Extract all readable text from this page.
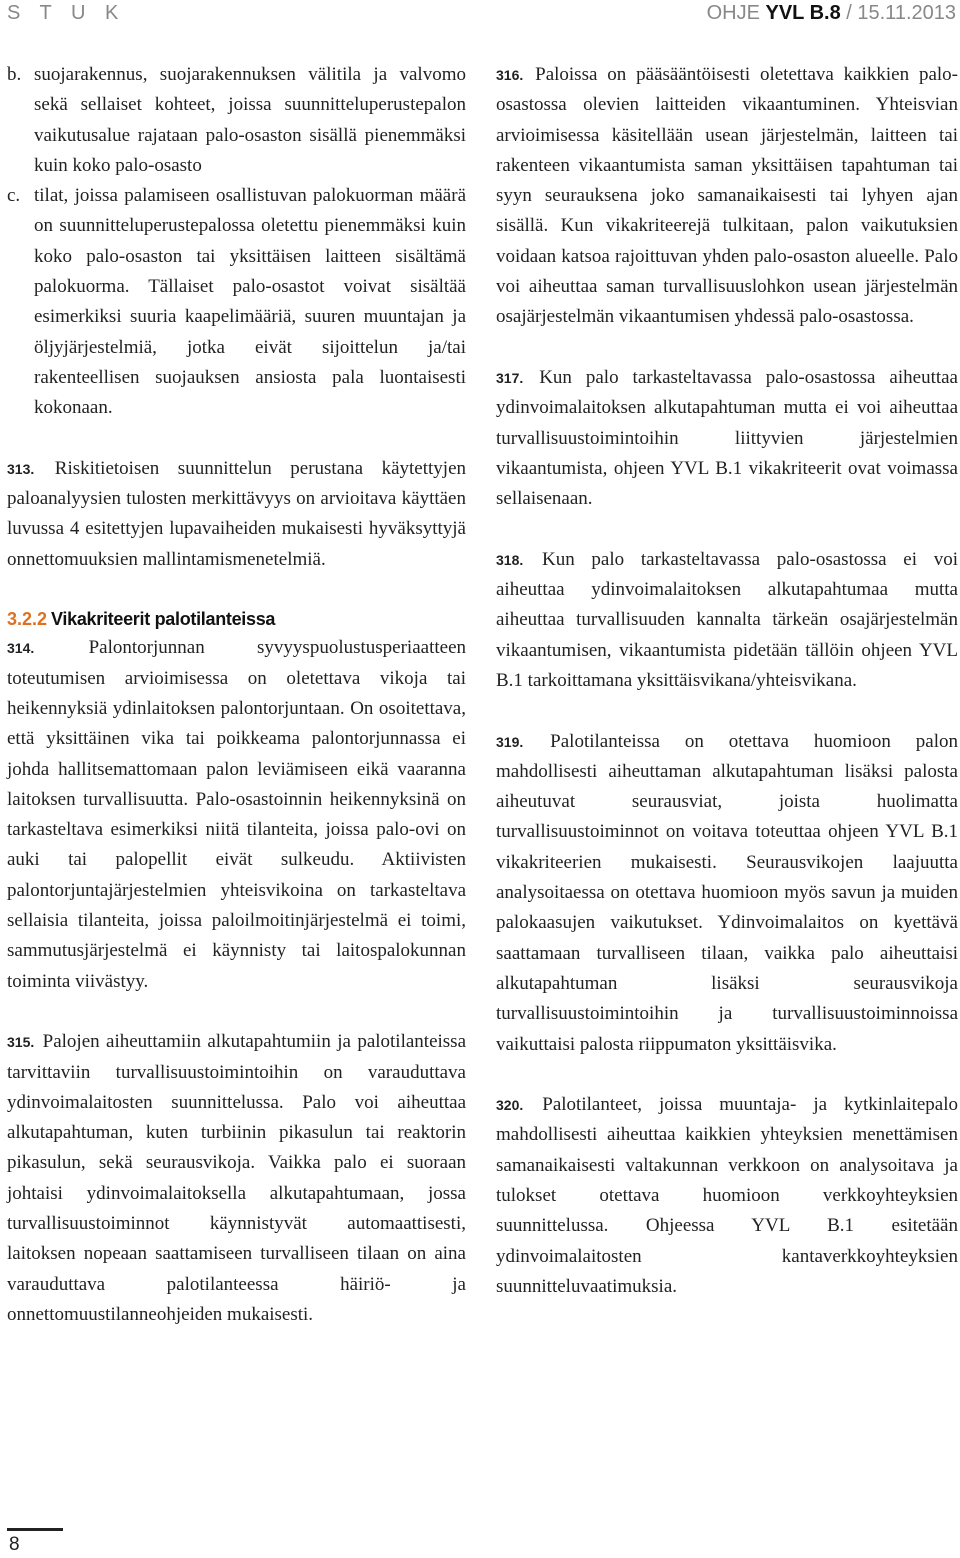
S T U K	OHJE YVL B.8 / 15.11.2013

b. suojarakennus, suojarakennuksen välitila ja valvomo sekä sellaiset kohteet, joissa suunnitteluperustepalon vaikutusalue rajataan palo-osaston sisällä pienemmäksi kuin koko palo-osasto

c. tilat, joissa palamiseen osallistuvan palokuorman määrä on suunnitteluperustepalossa oletettu pienemmäksi kuin koko palo-osaston tai yksittäisen laitteen sisältämä palokuorma. Tällaiset palo-osastot voivat sisältää esimerkiksi suuria kaapelimääriä, suuren muuntajan ja öljyjärjestelmiä, jotka eivät sijoittelun ja/tai rakenteellisen suojauksen ansiosta pala luontaisesti kokonaan.

313. Riskitietoisen suunnittelun perustana käytettyjen paloanalyysien tulosten merkittävyys on arvioitava käyttäen luvussa 4 esitettyjen lupavaiheiden mukaisesti hyväksyttyjä onnettomuuksien mallintamismenetelmiä.

3.2.2 Vikakriteerit palotilanteissa

314.	Palontorjunnan syvyyspuolustusperiaatteen toteutumisen arvioimisessa on oletettava vikoja tai heikennyksiä ydinlaitoksen palontorjuntaan. On osoitettava, että yksittäinen vika tai poikkeama palontorjunnassa ei johda hallitsemattomaan palon leviämiseen eikä vaaranna laitoksen turvallisuutta. Palo-osastoinnin heikennyksinä on tarkasteltava esimerkiksi niitä tilanteita, joissa palo-ovi on auki tai palopellit eivät sulkeudu. Aktiivisten palontorjuntajärjestelmien yhteisvikoina on tarkasteltava sellaisia tilanteita, joissa paloilmoitinjärjestelmä ei toimi, sammutusjärjestelmä ei käynnisty tai laitospalokunnan toiminta viivästyy.

315. Palojen aiheuttamiin alkutapahtumiin ja palotilanteissa tarvittaviin turvallisuustoimintoihin on varauduttava ydinvoimalaitosten suunnittelussa. Palo voi aiheuttaa alkutapahtuman, kuten turbiinin pikasulun tai reaktorin pikasulun, sekä seurausvikoja. Vaikka palo ei suoraan johtaisi ydinvoimalaitoksella alkutapahtumaan, jossa turvallisuustoiminnot käynnistyvät automaattisesti, laitoksen nopeaan saattamiseen turvalliseen tilaan on aina varauduttava palotilanteessa häiriö- ja onnettomuustilanneohjeiden mukaisesti.

316. Paloissa on pääsääntöisesti oletettava kaikkien palo-osastossa olevien laitteiden vikaantuminen. Yhteisvian arvioimisessa käsitellään usean järjestelmän, laitteen tai rakenteen vikaantumista saman yksittäisen tapahtuman tai syyn seurauksena joko samanaikaisesti tai lyhyen ajan sisällä. Kun vikakriteerejä tulkitaan, palon vaikutuksien voidaan katsoa rajoittuvan yhden palo-osaston alueelle. Palo voi aiheuttaa saman turvallisuuslohkon usean järjestelmän osajärjestelmän vikaantumisen yhdessä palo-osastossa.

317. Kun palo tarkasteltavassa palo-osastossa aiheuttaa ydinvoimalaitoksen alkutapahtuman mutta ei voi aiheuttaa turvallisuustoimintoihin liittyvien järjestelmien vikaantumista, ohjeen YVL B.1 vikakriteerit ovat voimassa sellaisenaan.

318. Kun palo tarkasteltavassa palo-osastossa ei voi aiheuttaa ydinvoimalaitoksen alkutapahtumaa mutta aiheuttaa turvallisuuden kannalta tärkeän osajärjestelmän vikaantumisen, vikaantumista pidetään tällöin ohjeen YVL B.1 tarkoittamana yksittäisvikana/yhteisvikana.

319. Palotilanteissa on otettava huomioon palon mahdollisesti aiheuttaman alkutapahtuman lisäksi palosta aiheutuvat seurausviat, joista huolimatta turvallisuustoiminnot on voitava toteuttaa ohjeen YVL B.1 vikakriteerien mukaisesti. Seurausvikojen laajuutta analysoitaessa on otettava huomioon myös savun ja muiden palokaasujen vaikutukset. Ydinvoimalaitos on kyettävä saattamaan turvalliseen tilaan, vaikka palo aiheuttaisi alkutapahtuman lisäksi seurausvikoja turvallisuustoimintoihin ja turvallisuustoiminnoissa vaikuttaisi palosta riippumaton yksittäisvika.

320. Palotilanteet, joissa muuntaja- ja kytkinlaitepalo mahdollisesti aiheuttaa kaikkien yhteyksien menettämisen samanaikaisesti valtakunnan verkkoon on analysoitava ja tulokset otettava huomioon verkkoyhteyksien suunnittelussa. Ohjeessa YVL B.1 esitetään ydinvoimalaitosten kantaverkkoyhteyksien suunnitteluvaatimuksia.

8
